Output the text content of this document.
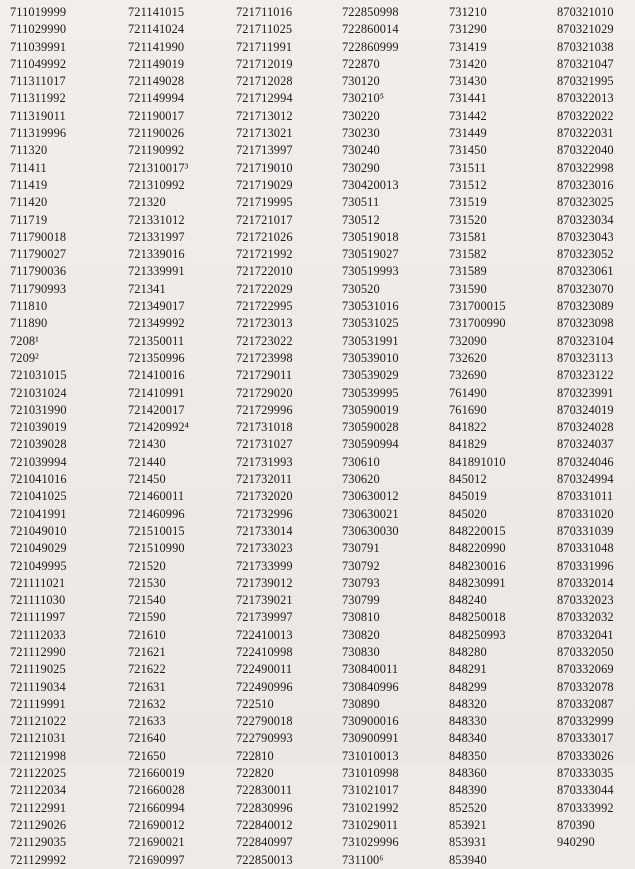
711019999
711029990
711039991
711049992
711311017
711311992
711319011
711319996
711320
711411
711419
711420
711719
711790018
711790027
711790036
711790993
711810
711890
7208¹
7209²
721031015
721031024
721031990
721039019
721039028
721039994
721041016
721041025
721041991
721049010
721049029
721049995
721111021
721111030
721111997
721112033
721112990
721119025
721119034
721119991
721121022
721121031
721121998
721122025
721122034
721122991
721129026
721129035
721129992
721141015
721141024
721141990
721149019
721149028
721149994
721190017
721190026
721190992
721310017³
721310992
721320
721331012
721331997
721339016
721339991
721341
721349017
721349992
721350011
721350996
721410016
721410991
721420017
721420992⁴
721430
721440
721450
721460011
721460996
721510015
721510990
721520
721530
721540
721590
721610
721621
721622
721631
721632
721633
721640
721650
721660019
721660028
721660994
721690012
721690021
721690997
721711016
721711025
721711991
721712019
721712028
721712994
721713012
721713021
721713997
721719010
721719029
721719995
721721017
721721026
721721992
721722010
721722029
721722995
721723013
721723022
721723998
721729011
721729020
721729996
721731018
721731027
721731993
721732011
721732020
721732996
721733014
721733023
721733999
721739012
721739021
721739997
722410013
722410998
722490011
722490996
722510
722790018
722790993
722810
722820
722830011
722830996
722840012
722840997
722850013
722850998
722860014
722860999
722870
730120
730210⁵
730220
730230
730240
730290
730420013
730511
730512
730519018
730519027
730519993
730520
730531016
730531025
730531991
730539010
730539029
730539995
730590019
730590028
730590994
730610
730620
730630012
730630021
730630030
730791
730792
730793
730799
730810
730820
730830
730840011
730840996
730890
730900016
730900991
731010013
731010998
731021017
731021992
731029011
731029996
731100⁶
731210
731290
731419
731420
731430
731441
731442
731449
731450
731511
731512
731519
731520
731581
731582
731589
731590
731700015
731700990
732090
732620
732690
761490
761690
841822
841829
841891010
845012
845019
845020
848220015
848220990
848230016
848230991
848240
848250018
848250993
848280
848291
848299
848320
848330
848340
848350
848360
848390
852520
853921
853931
853940
870321010
870321029
870321038
870321047
870321995
870322013
870322022
870322031
870322040
870322998
870323016
870323025
870323034
870323043
870323052
870323061
870323070
870323089
870323098
870323104
870323113
870323122
870323991
870324019
870324028
870324037
870324046
870324994
870331011
870331020
870331039
870331048
870331996
870332014
870332023
870332032
870332041
870332050
870332069
870332078
870332087
870332999
870333017
870333026
870333035
870333044
870333992
870390
940290
